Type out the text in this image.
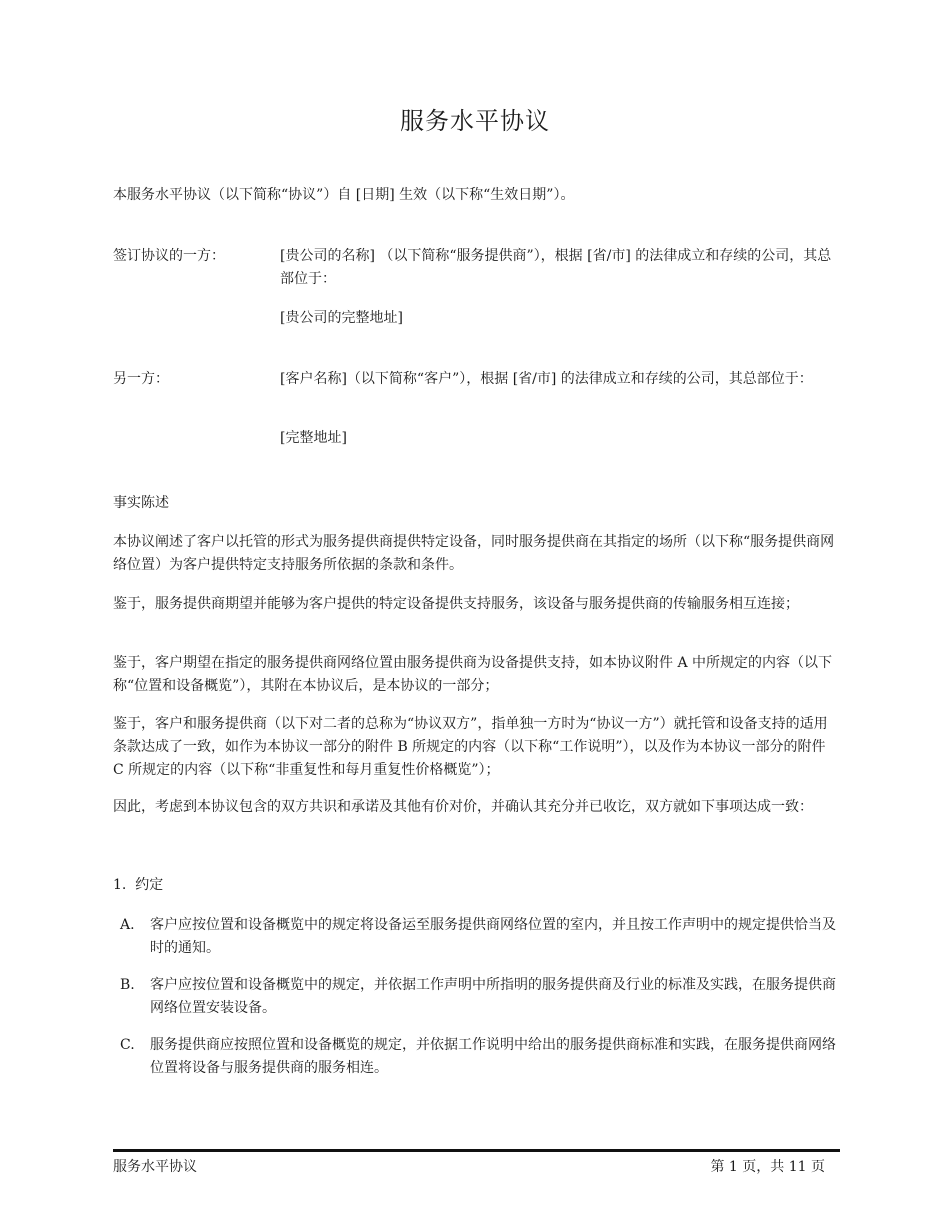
服务水平协议

本服务水平协议（以下简称“协议”）自 [日期] 生效（以下称“生效日期”）。

签订协议的一方：	[贵公司的名称] （以下简称“服务提供商”），根据 [省/市] 的法律成立和存续的公司，其总部位于：
[贵公司的完整地址]
另一方：	[客户名称]（以下简称“客户”），根据 [省/市] 的法律成立和存续的公司，其总部位于：
[完整地址]
事实陈述

本协议阐述了客户以托管的形式为服务提供商提供特定设备，同时服务提供商在其指定的场所（以下称“服务提供商网络位置）为客户提供特定支持服务所依据的条款和条件。

鉴于，服务提供商期望并能够为客户提供的特定设备提供支持服务，该设备与服务提供商的传输服务相互连接；

鉴于，客户期望在指定的服务提供商网络位置由服务提供商为设备提供支持，如本协议附件 A 中所规定的内容（以下称“位置和设备概览”），其附在本协议后，是本协议的一部分；

鉴于，客户和服务提供商（以下对二者的总称为“协议双方”，指单独一方时为“协议一方”）就托管和设备支持的适用条款达成了一致，如作为本协议一部分的附件 B 所规定的内容（以下称“工作说明”），以及作为本协议一部分的附件 C 所规定的内容（以下称“非重复性和每月重复性价格概览”）；

因此，考虑到本协议包含的双方共识和承诺及其他有价对价，并确认其充分并已收讫，双方就如下事项达成一致：

1.  约定
A. 客户应按位置和设备概览中的规定将设备运至服务提供商网络位置的室内，并且按工作声明中的规定提供恰当及时的通知。
B. 客户应按位置和设备概览中的规定，并依据工作声明中所指明的服务提供商及行业的标准及实践，在服务提供商网络位置安装设备。
C. 服务提供商应按照位置和设备概览的规定，并依据工作说明中给出的服务提供商标准和实践，在服务提供商网络位置将设备与服务提供商的服务相连。
服务水平协议	第 1 页，共 11 页
